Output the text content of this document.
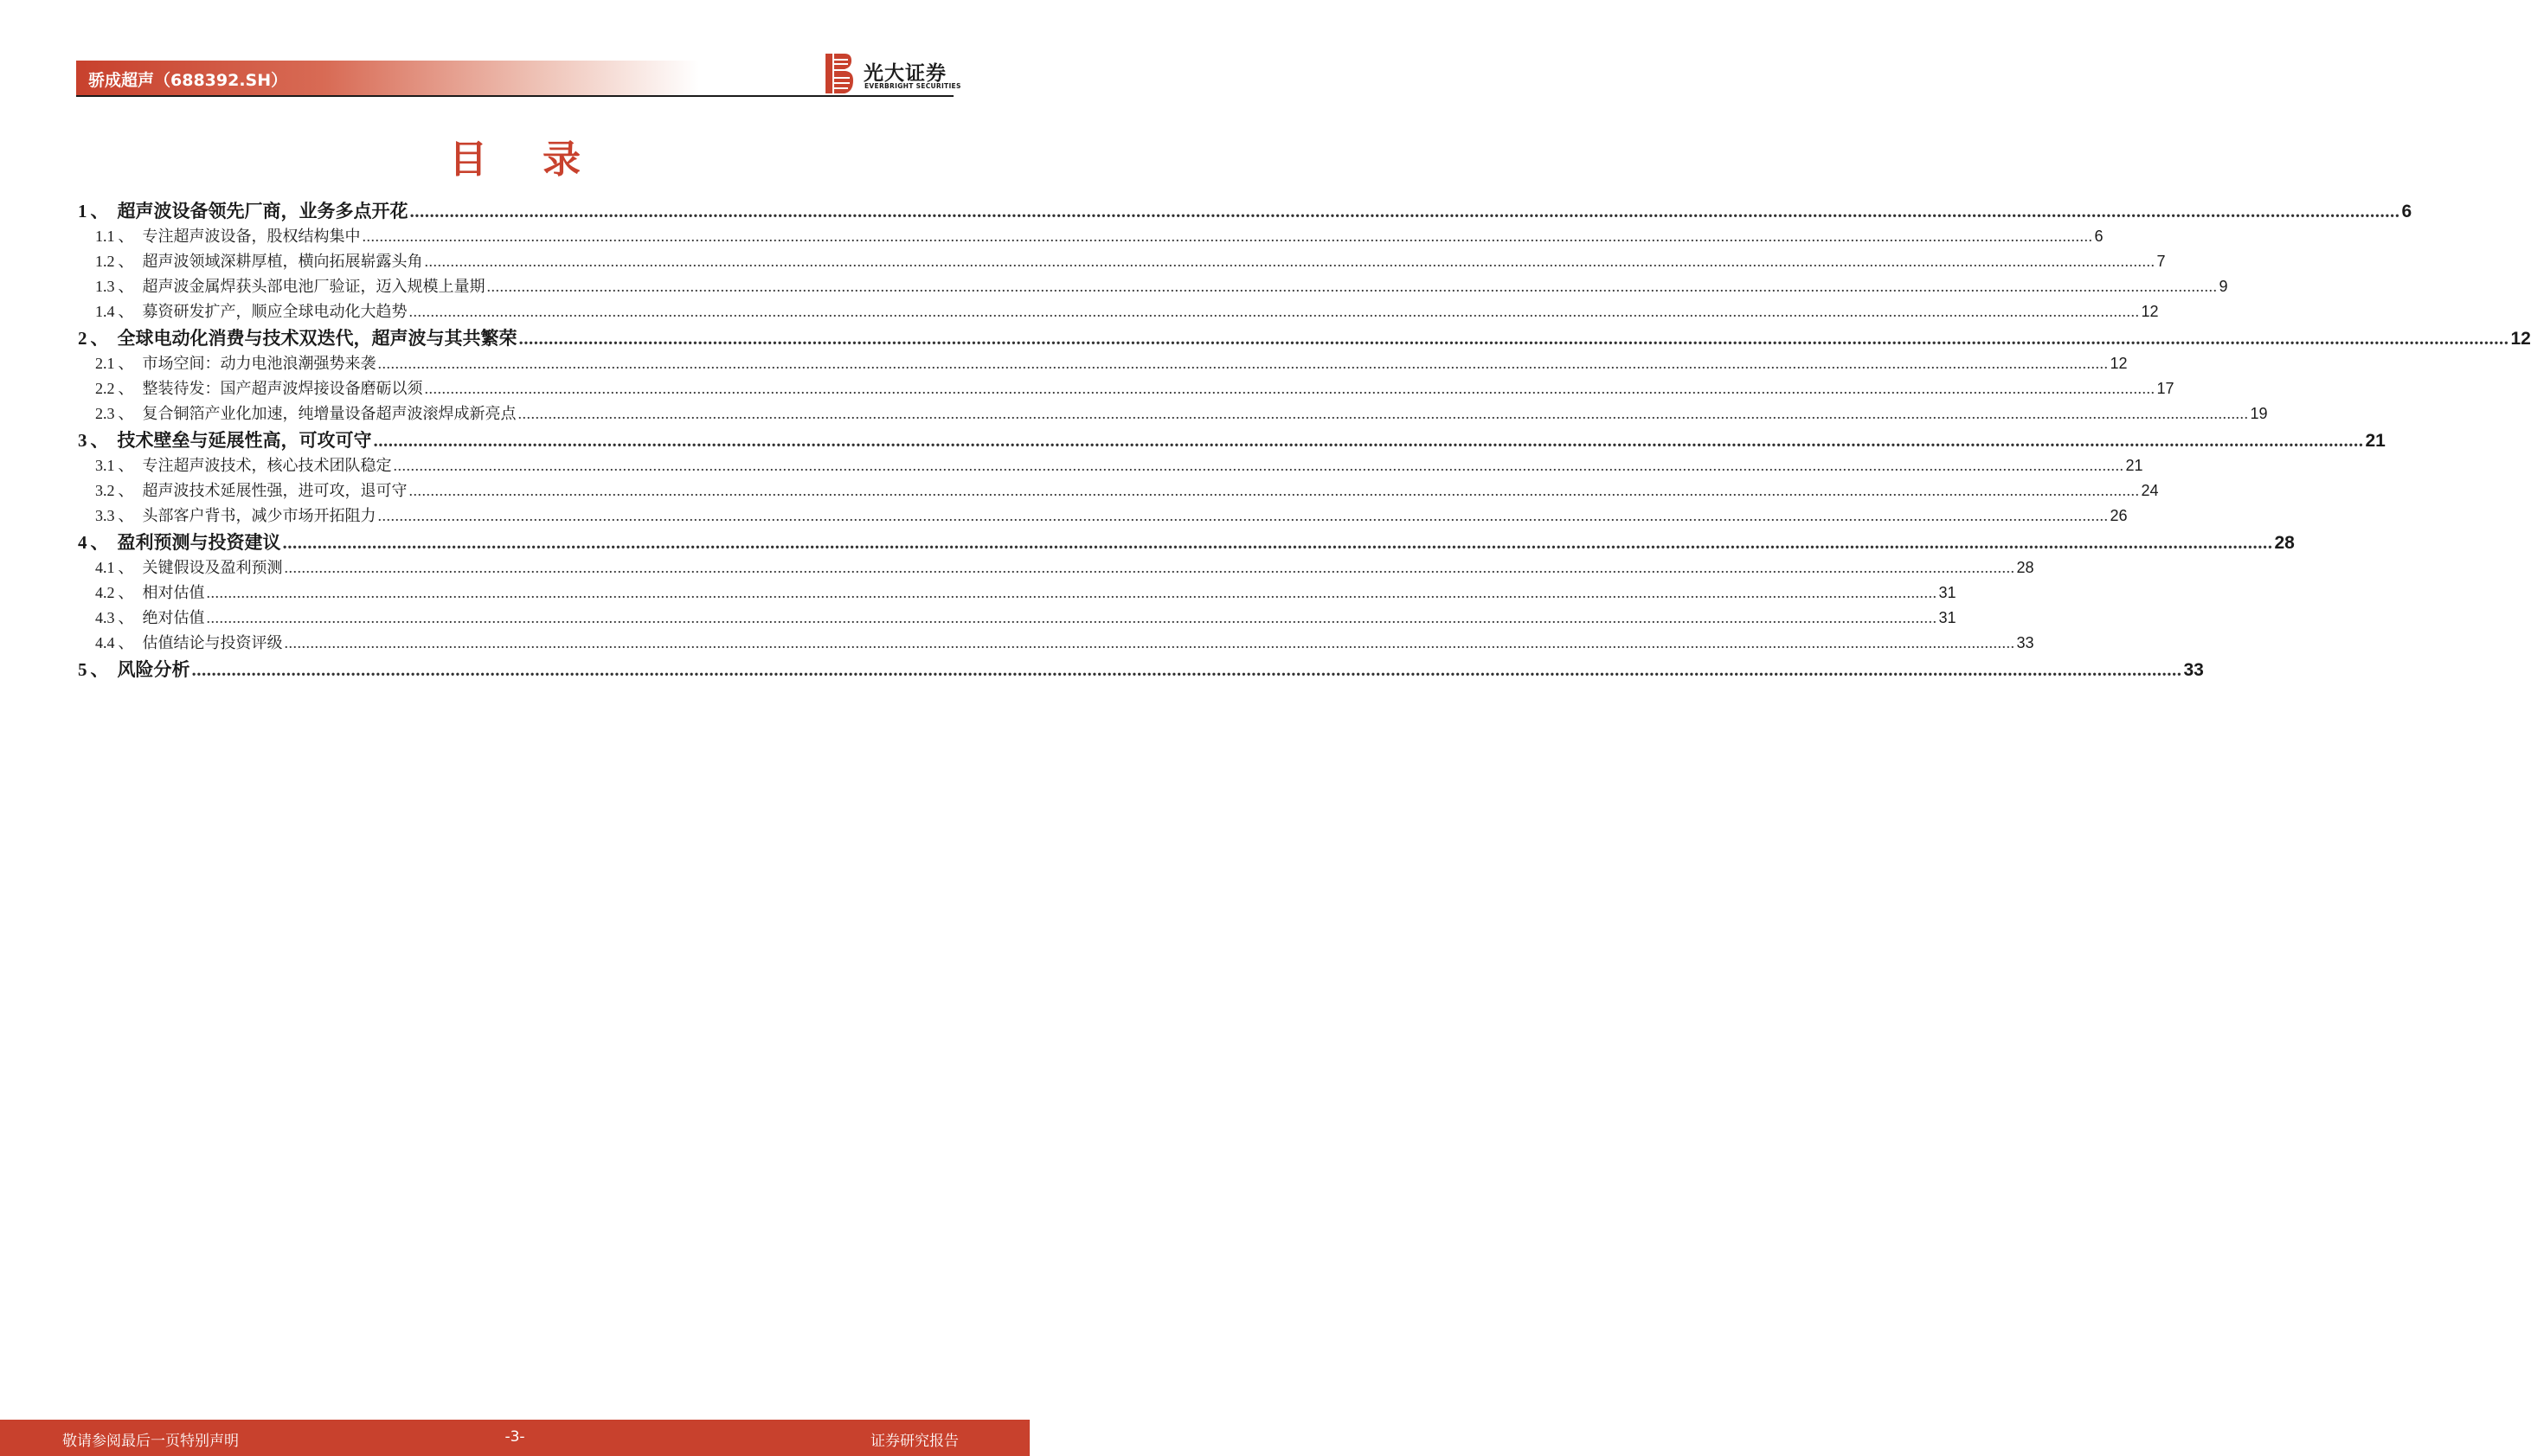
骄成超声（688392.SH）	光大证券
EVERBRIGHT SECURITIES
目录
1 、 超声波设备领先厂商，业务多点开花 ................................................................................................................................................................................................................................................................................................................................................................................................................ 6
1.1 、 专注超声波设备，股权结构集中 ................................................................................................................................................................................................................................................................................................................................................................................................................ 6
1.2 、 超声波领域深耕厚植，横向拓展崭露头角 ................................................................................................................................................................................................................................................................................................................................................................................................................ 7
1.3 、 超声波金属焊获头部电池厂验证，迈入规模上量期 ................................................................................................................................................................................................................................................................................................................................................................................................................ 9
1.4 、 募资研发扩产，顺应全球电动化大趋势 ................................................................................................................................................................................................................................................................................................................................................................................................................ 12
2 、 全球电动化消费与技术双迭代，超声波与其共繁荣 ................................................................................................................................................................................................................................................................................................................................................................................................................ 12
2.1 、 市场空间：动力电池浪潮强势来袭 ................................................................................................................................................................................................................................................................................................................................................................................................................ 12
2.2 、 整装待发：国产超声波焊接设备磨砺以须 ................................................................................................................................................................................................................................................................................................................................................................................................................ 17
2.3 、 复合铜箔产业化加速，纯增量设备超声波滚焊成新亮点 ................................................................................................................................................................................................................................................................................................................................................................................................................ 19
3 、 技术壁垒与延展性高，可攻可守 ................................................................................................................................................................................................................................................................................................................................................................................................................ 21
3.1 、 专注超声波技术，核心技术团队稳定 ................................................................................................................................................................................................................................................................................................................................................................................................................ 21
3.2 、 超声波技术延展性强，进可攻，退可守 ................................................................................................................................................................................................................................................................................................................................................................................................................ 24
3.3 、 头部客户背书，减少市场开拓阻力 ................................................................................................................................................................................................................................................................................................................................................................................................................ 26
4 、 盈利预测与投资建议 ................................................................................................................................................................................................................................................................................................................................................................................................................ 28
4.1 、 关键假设及盈利预测 ................................................................................................................................................................................................................................................................................................................................................................................................................ 28
4.2 、 相对估值 ................................................................................................................................................................................................................................................................................................................................................................................................................ 31
4.3 、 绝对估值 ................................................................................................................................................................................................................................................................................................................................................................................................................ 31
4.4 、 估值结论与投资评级 ................................................................................................................................................................................................................................................................................................................................................................................................................ 33
5 、 风险分析 ................................................................................................................................................................................................................................................................................................................................................................................................................ 33
敬请参阅最后一页特别声明	-3-	证券研究报告
